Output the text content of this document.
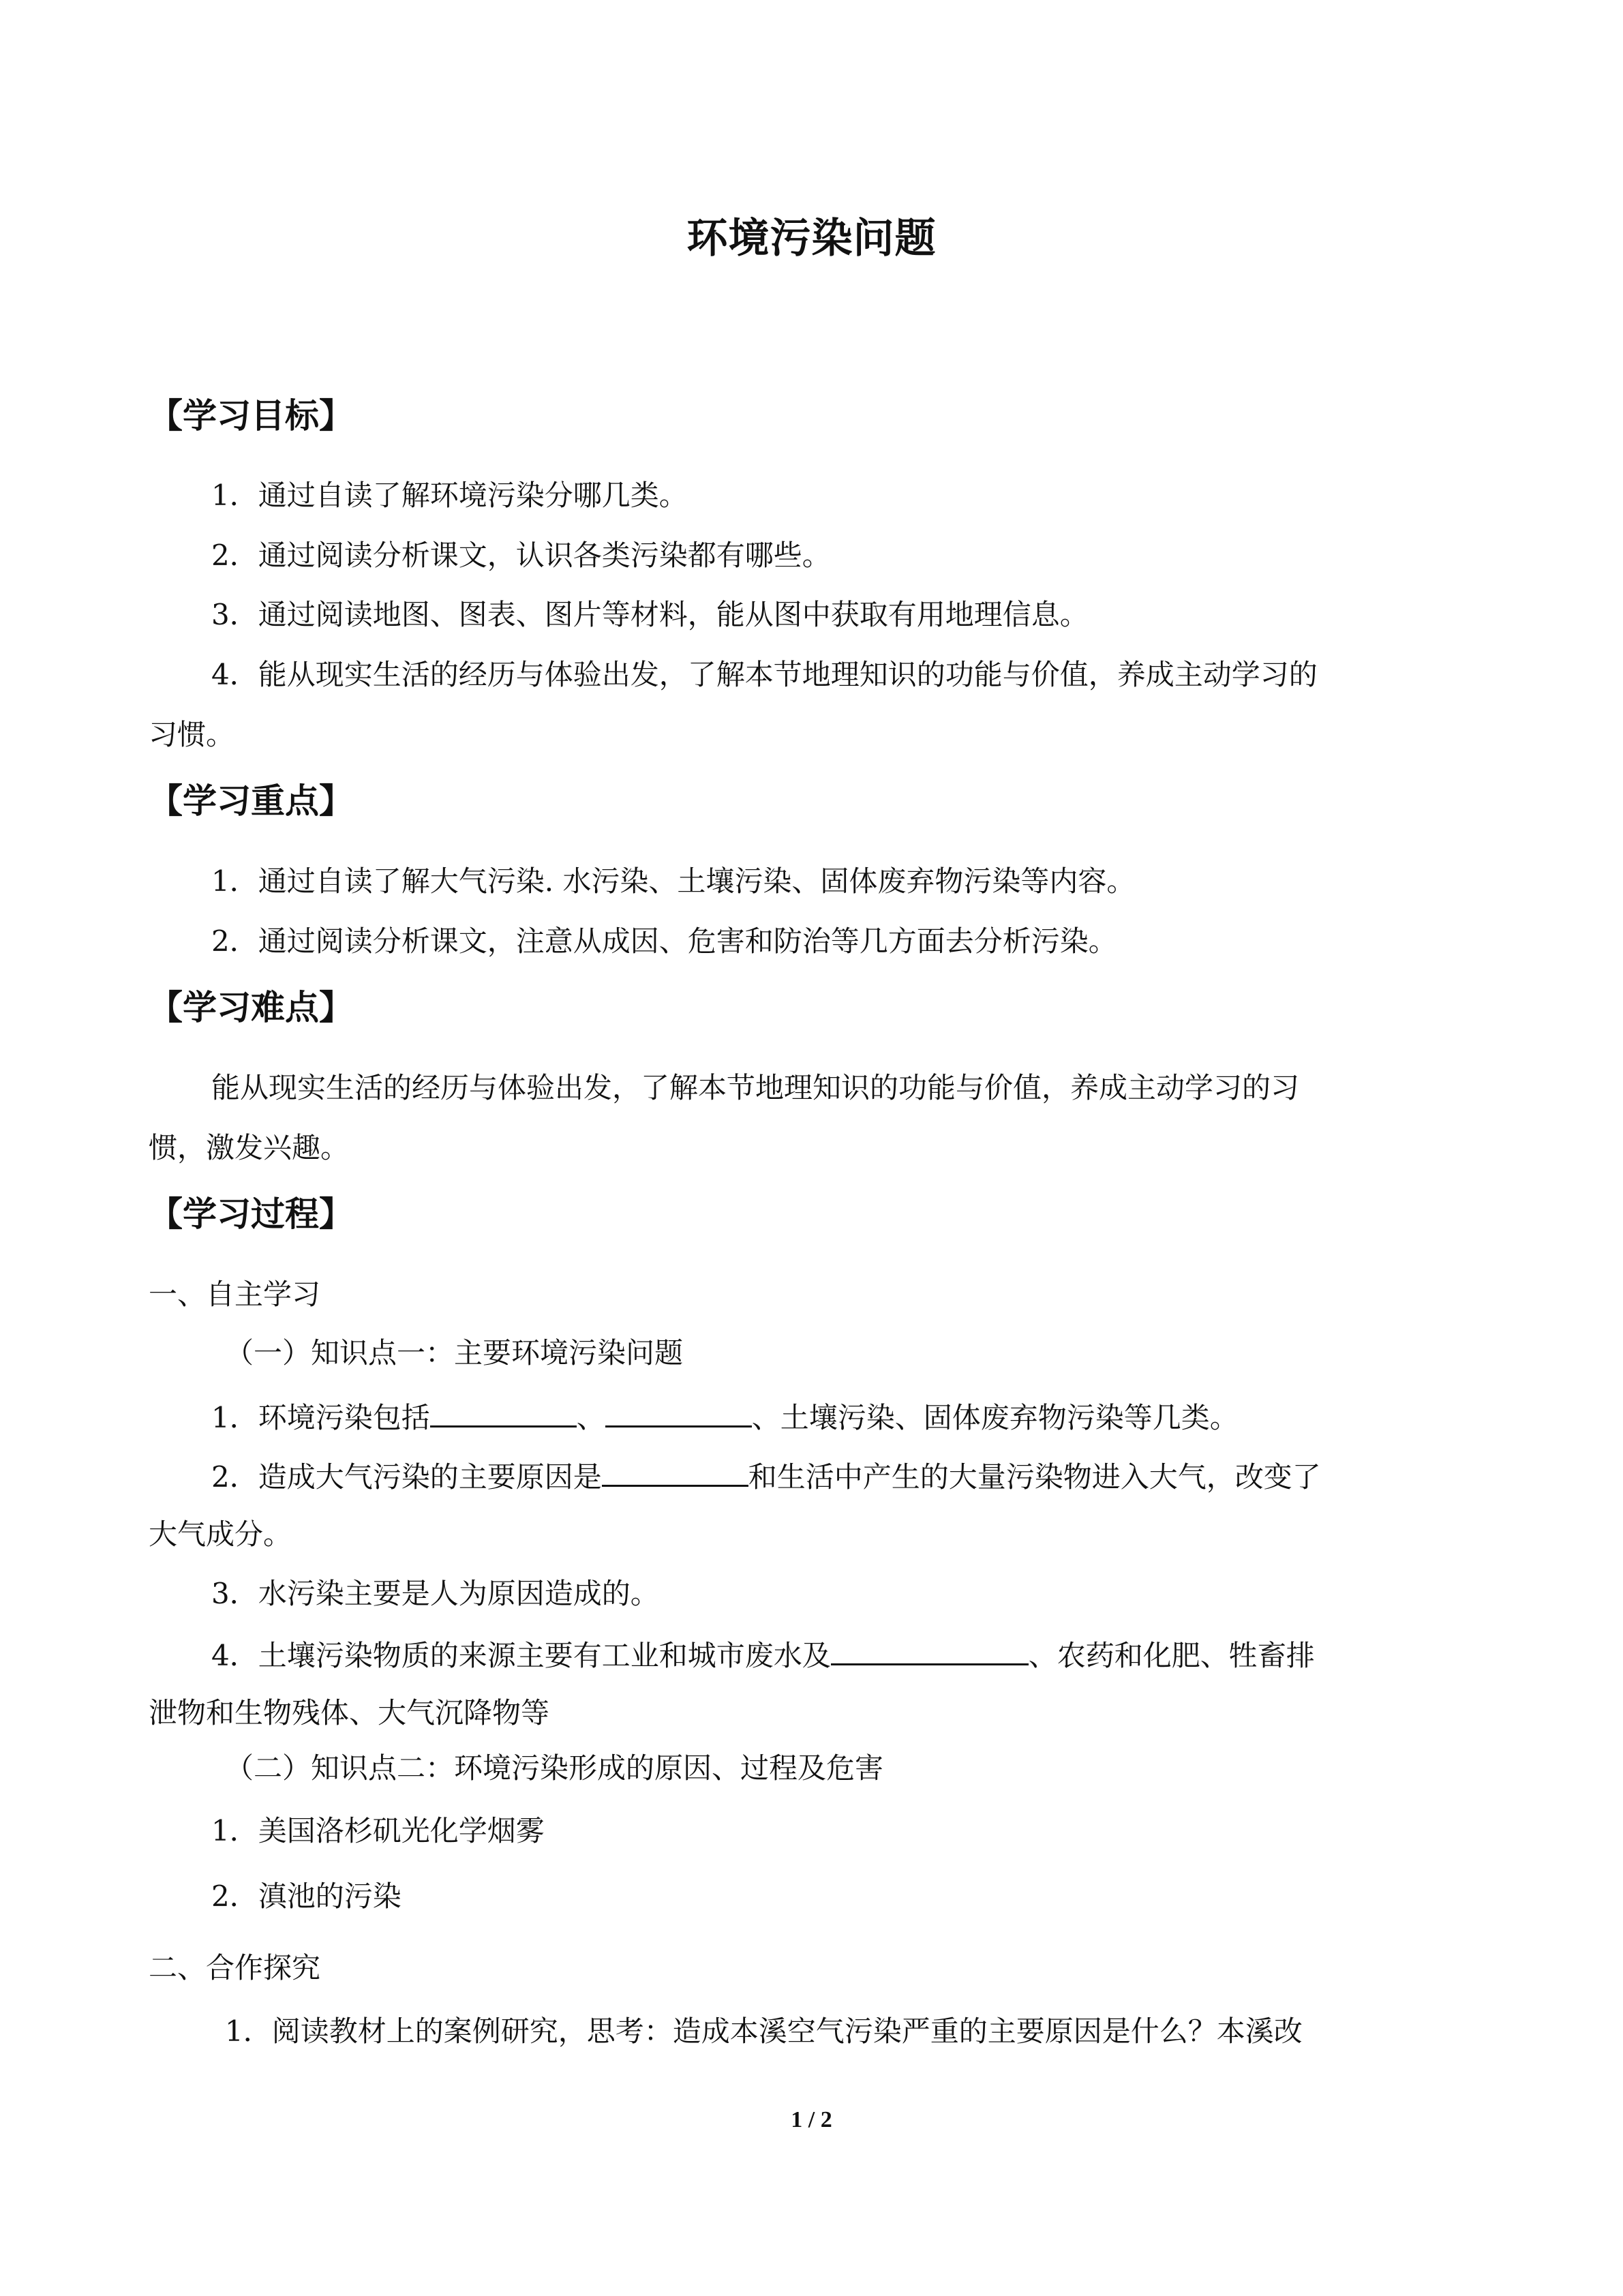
环境污染问题
【学习目标】
1．通过自读了解环境污染分哪几类。
2．通过阅读分析课文，认识各类污染都有哪些。
3．通过阅读地图、图表、图片等材料，能从图中获取有用地理信息。
4．能从现实生活的经历与体验出发，了解本节地理知识的功能与价值，养成主动学习的
习惯。
【学习重点】
1．通过自读了解大气污染. 水污染、土壤污染、固体废弃物污染等内容。
2．通过阅读分析课文，注意从成因、危害和防治等几方面去分析污染。
【学习难点】
能从现实生活的经历与体验出发，了解本节地理知识的功能与价值，养成主动学习的习
惯，激发兴趣。
【学习过程】
一、自主学习
（一）知识点一：主要环境污染问题
1．环境污染包括	、	、土壤污染、固体废弃物污染等几类。
2．造成大气污染的主要原因是	和生活中产生的大量污染物进入大气，改变了
大气成分。
3．水污染主要是人为原因造成的。
4．土壤污染物质的来源主要有工业和城市废水及	、农药和化肥、牲畜排
泄物和生物残体、大气沉降物等
（二）知识点二：环境污染形成的原因、过程及危害
1．美国洛杉矶光化学烟雾
2．滇池的污染
二、合作探究
1．阅读教材上的案例研究，思考：造成本溪空气污染严重的主要原因是什么？本溪改
1 / 2
